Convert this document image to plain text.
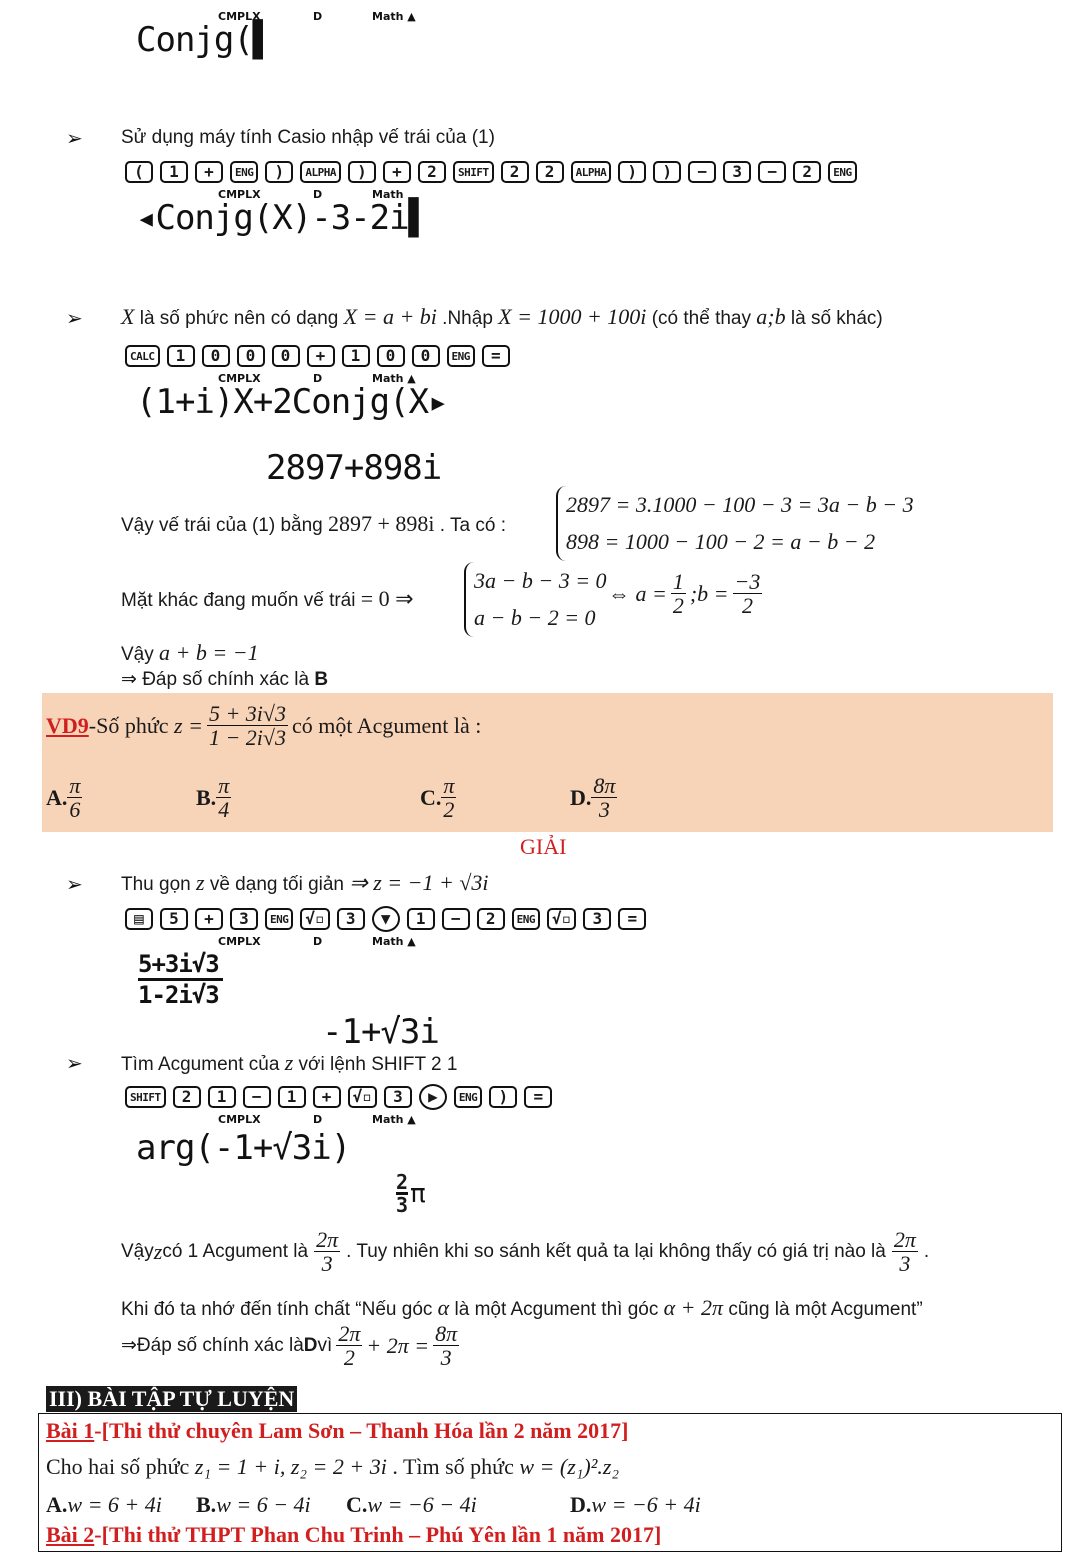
CMPLX	D	Math ▲
Conjg(▌
➢ Sử dụng máy tính Casio nhập vế trái của (1)
(	1	+	ENG	)	ALPHA	)	+	2	SHIFT	2	2	ALPHA	)	)	−	3	−	2	ENG
CMPLX	D	Math
◂Conjg(X)-3-2i▌
➢ X là số phức nên có dạng X = a + bi .Nhập X = 1000 + 100i (có thể thay a;b là số khác)
CALC	1	0	0	0	+	1	0	0	ENG	=
CMPLX	D	Math ▲
(1+i)X+2Conjg(X▸
2897+898i
Vậy vế trái của (1) bằng 2897 + 898i . Ta có :
2897 = 3.1000 − 100 − 3 = 3a − b − 3
898 = 1000 − 100 − 2 = a − b − 2
Mặt khác đang muốn vế trái = 0 ⇒
3a − b − 3 = 0
a − b − 2 = 0
⇔ $a = \frac{1}{2}$ ;b = $\frac{-3}{2}$
Vậy a + b = −1
⇒ Đáp số chính xác là B
VD9 -Số phức
$z = \frac{5 + 3i√3}{1 - 2i√3}$ có một Acgument là :
A. $\frac{\pi}{6}$	B. $\frac{\pi}{4}$	C. $\frac{\pi}{2}$	D. $\frac{8\pi}{3}$
GIẢI
➢ Thu gọn z về dạng tối giản ⇒ z = −1 + √3i
▤	5	+	3	ENG	√▫	3	▼	1	−	2	ENG	√▫	3	=
CMPLX	D	Math ▲
5+3i√3
1-2i√3
-1+√3i
➢ Tìm Acgument của z với lệnh SHIFT 2 1
SHIFT	2	1	−	1	+	√▫	3	▶	ENG	)	=
CMPLX	D	Math ▲
arg(-1+√3i)
2
3 π
Vậy z có 1 Acgument là $\frac{2\pi}{3}$ . Tuy nhiên khi so sánh kết quả ta lại không thấy có giá trị nào là $\frac{2\pi}{3}$ .
Khi đó ta nhớ đến tính chất “Nếu góc α là một Acgument thì góc α + 2π cũng là một Acgument”
⇒ Đáp số chính xác là D vì $\frac{2\pi}{2} + 2\pi = \frac{8\pi}{3}$
III) BÀI TẬP TỰ LUYỆN
Bài 1-[Thi thử chuyên Lam Sơn – Thanh Hóa lần 2 năm 2017]
Cho hai số phức z₁ = 1 + i, z₂ = 2 + 3i . Tìm số phức w = (z₁)².z₂
A.w = 6 + 4i B.w = 6 − 4i C.w = −6 − 4i	D.w = −6 + 4i
Bài 2-[Thi thử THPT Phan Chu Trinh – Phú Yên lần 1 năm 2017]
